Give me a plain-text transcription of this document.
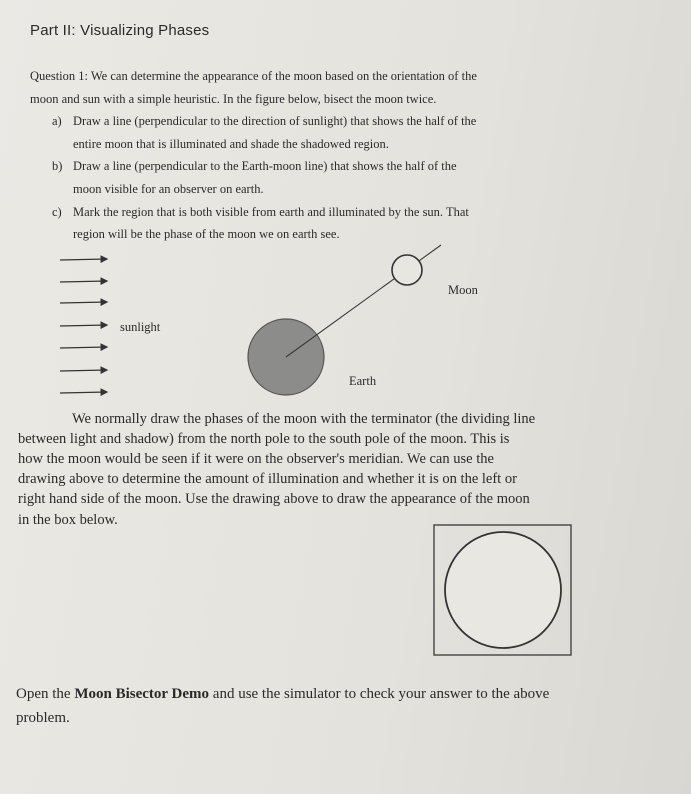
Part II: Visualizing Phases
Question 1: We can determine the appearance of the moon based on the orientation of the
moon and sun with a simple heuristic. In the figure below, bisect the moon twice.
a) Draw a line (perpendicular to the direction of sunlight) that shows the half of the
entire moon that is illuminated and shade the shadowed region.
b) Draw a line (perpendicular to the Earth-moon line) that shows the half of the
moon visible for an observer on earth.
c) Mark the region that is both visible from earth and illuminated by the sun. That
region will be the phase of the moon we on earth see.
sunlight
Moon
Earth
We normally draw the phases of the moon with the terminator (the dividing line
between light and shadow) from the north pole to the south pole of the moon. This is
how the moon would be seen if it were on the observer's meridian. We can use the
drawing above to determine the amount of illumination and whether it is on the left or
right hand side of the moon. Use the drawing above to draw the appearance of the moon
in the box below.
Open the Moon Bisector Demo and use the simulator to check your answer to the above
problem.
